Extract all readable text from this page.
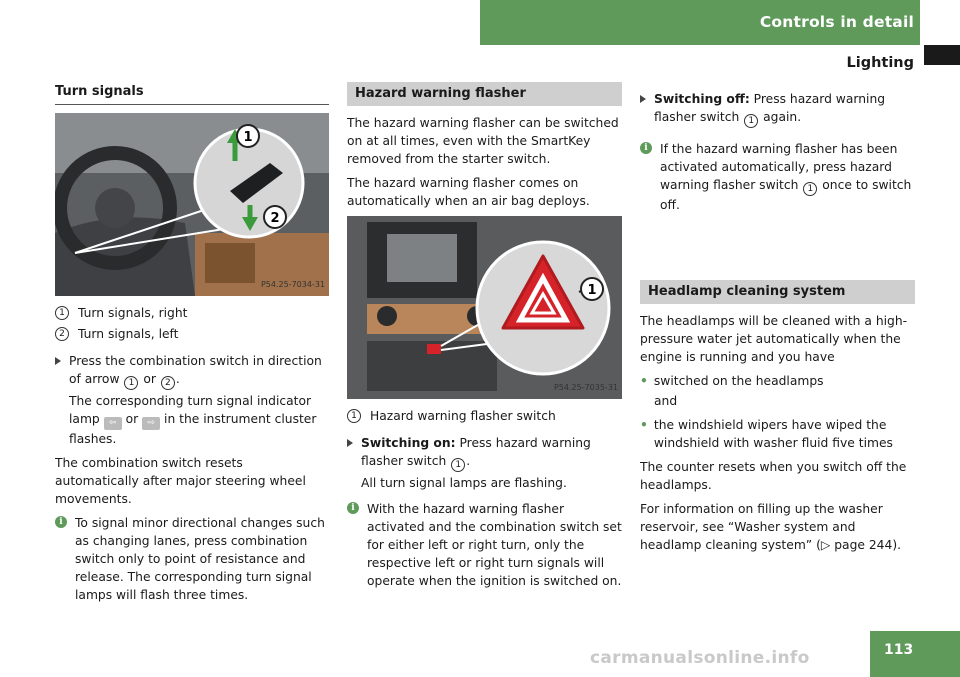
Controls in detail
Lighting
Turn signals
1
2
P54.25-7034-31
1	Turn signals, right
2	Turn signals, left
Press the combination switch in direction of arrow 1 or 2 .

The corresponding turn signal indicator lamp ⇦ or ⇨ in the instrument cluster flashes.

The combination switch resets automatically after major steering wheel movements.

i To signal minor directional changes such as changing lanes, press combination switch only to point of resistance and release. The corresponding turn signal lamps will flash three times.
Hazard warning flasher

The hazard warning flasher can be switched on at all times, even with the SmartKey removed from the starter switch.

The hazard warning flasher comes on automatically when an air bag deploys.

1
P54.25-7035-31
1	Hazard warning flasher switch
Switching on: Press hazard warning flasher switch 1 .

All turn signal lamps are flashing.

i With the hazard warning flasher activated and the combination switch set for either left or right turn, only the respective left or right turn signals will operate when the ignition is switched on.
Switching off: Press hazard warning flasher switch 1 again.
i If the hazard warning flasher has been activated automatically, press hazard warning flasher switch 1 once to switch off.
Headlamp cleaning system

The headlamps will be cleaned with a high-pressure water jet automatically when the engine is running and you have

• switched on the headlamps

and

• the windshield wipers have wiped the windshield with washer fluid five times

The counter resets when you switch off the headlamps.

For information on filling up the washer reservoir, see “Washer system and headlamp cleaning system” (▷ page 244).

carmanualsonline.info	113
